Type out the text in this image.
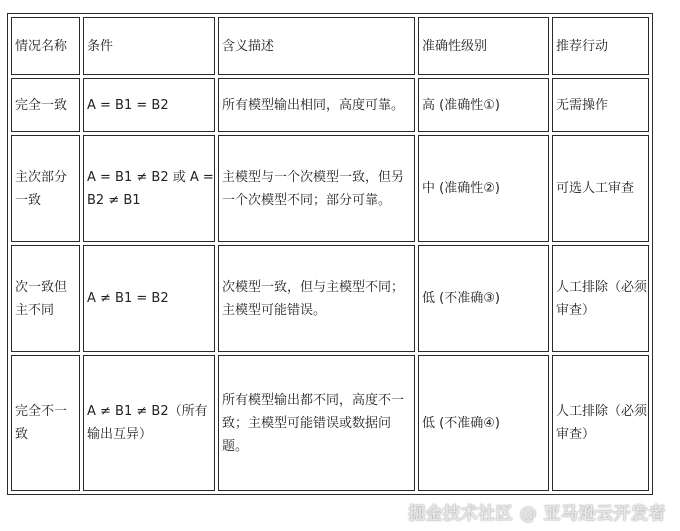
情况名称	条件	含义描述	准确性级别	推荐行动
完全一致	A = B1 = B2	所有模型输出相同，高度可靠。	高 (准确性①)	无需操作
主次部分一致	A = B1 ≠ B2 或 A = B2 ≠ B1	主模型与一个次模型一致，但另一个次模型不同；部分可靠。	中 (准确性②)	可选人工审查
次一致但主不同	A ≠ B1 = B2	次模型一致，但与主模型不同；主模型可能错误。	低 (不准确③)	人工排除（必须审查）
完全不一致	A ≠ B1 ≠ B2（所有输出互异）	所有模型输出都不同，高度不一致；主模型可能错误或数据问题。	低 (不准确④)	人工排除（必须审查）
掘金技术社区 @ 亚马逊云开发者
